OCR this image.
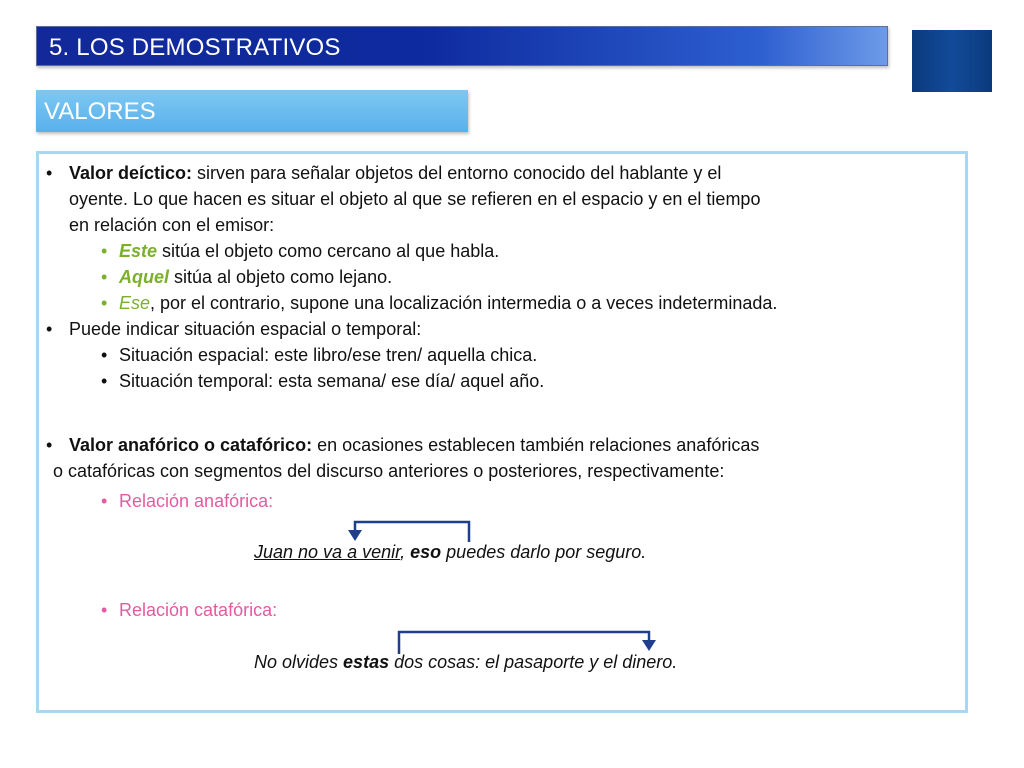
5. LOS DEMOSTRATIVOS
VALORES
• Valor deíctico: sirven para señalar objetos del entorno conocido del hablante y el
oyente. Lo que hacen es situar el objeto al que se refieren en el espacio y en el tiempo
en relación con el emisor:
• Este sitúa el objeto como cercano al que habla.
• Aquel sitúa al objeto como lejano.
• Ese, por el contrario, supone una localización intermedia o a veces indeterminada.
• Puede indicar situación espacial o temporal:
• Situación espacial: este libro/ese tren/ aquella chica.
• Situación temporal: esta semana/ ese día/ aquel año.
• Valor anafórico o catafórico: en ocasiones establecen también relaciones anafóricas
o catafóricas con segmentos del discurso anteriores o posteriores, respectivamente:
• Relación anafórica:
Juan no va a venir, eso puedes darlo por seguro.
• Relación catafórica:
No olvides estas dos cosas: el pasaporte y el dinero.
